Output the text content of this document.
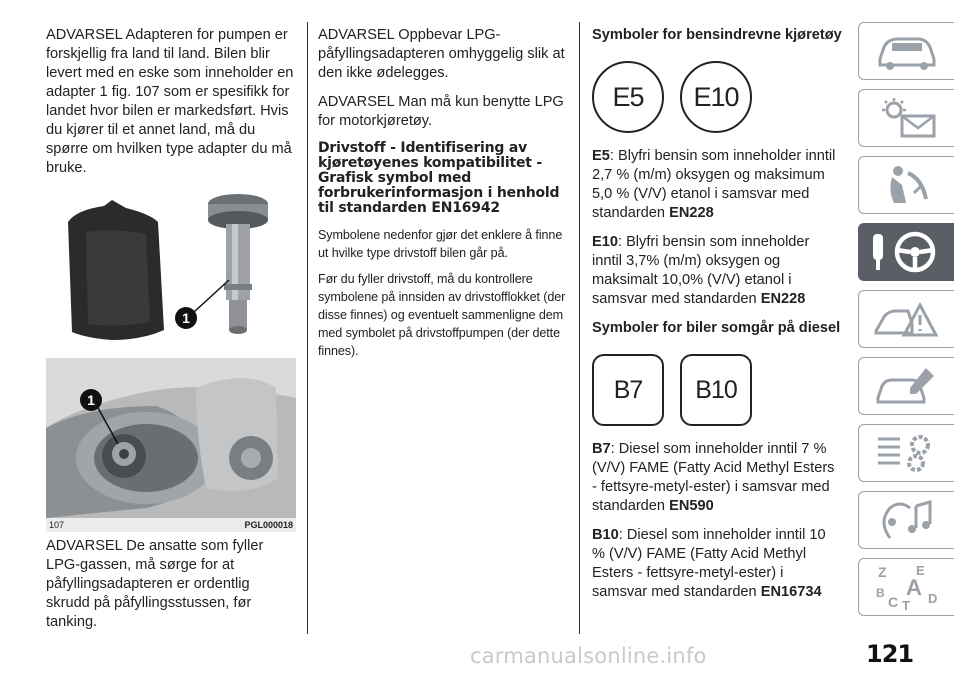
ADVARSEL Adapteren for pumpen er forskjellig fra land til land. Bilen blir levert med en eske som inneholder en adapter 1 fig. 107 som er spesifikk for landet hvor bilen er markedsført. Hvis du kjører til et annet land, må du spørre om hvilken type adapter du må bruke.

1
1
107	PGL000018

ADVARSEL De ansatte som fyller LPG-gassen, må sørge for at påfyllingsadapteren er ordentlig skrudd på påfyllingsstussen, før tanking.

ADVARSEL Oppbevar LPG-påfyllingsadapteren omhyggelig slik at den ikke ødelegges.

ADVARSEL Man må kun benytte LPG for motorkjøretøy.

Drivstoff - Identifisering av kjøretøyenes kompatibilitet - Grafisk symbol med forbrukerinformasjon i henhold til standarden EN16942

Symbolene nedenfor gjør det enklere å finne ut hvilke type drivstoff bilen går på.

Før du fyller drivstoff, må du kontrollere symbolene på innsiden av drivstofflokket (der disse finnes) og eventuelt sammenligne dem med symbolet på drivstoffpumpen (der dette finnes).

Symboler for bensindrevne kjøretøy
E5	E10

E5: Blyfri bensin som inneholder inntil 2,7 % (m/m) oksygen og maksimum 5,0 % (V/V) etanol i samsvar med standarden EN228

E10: Blyfri bensin som inneholder inntil 3,7% (m/m) oksygen og maksimalt 10,0% (V/V) etanol i samsvar med standarden EN228

Symboler for biler somgår på diesel
B7	B10

B7: Diesel som inneholder inntil 7 % (V/V) FAME (Fatty Acid Methyl Esters - fettsyre-metyl-ester) i samsvar med standarden EN590

B10: Diesel som inneholder inntil 10 % (V/V) FAME (Fatty Acid Methyl Esters - fettsyre-metyl-ester) i samsvar med standarden EN16734

Z E
B A
C D
T
carmanualsonline.info	121
